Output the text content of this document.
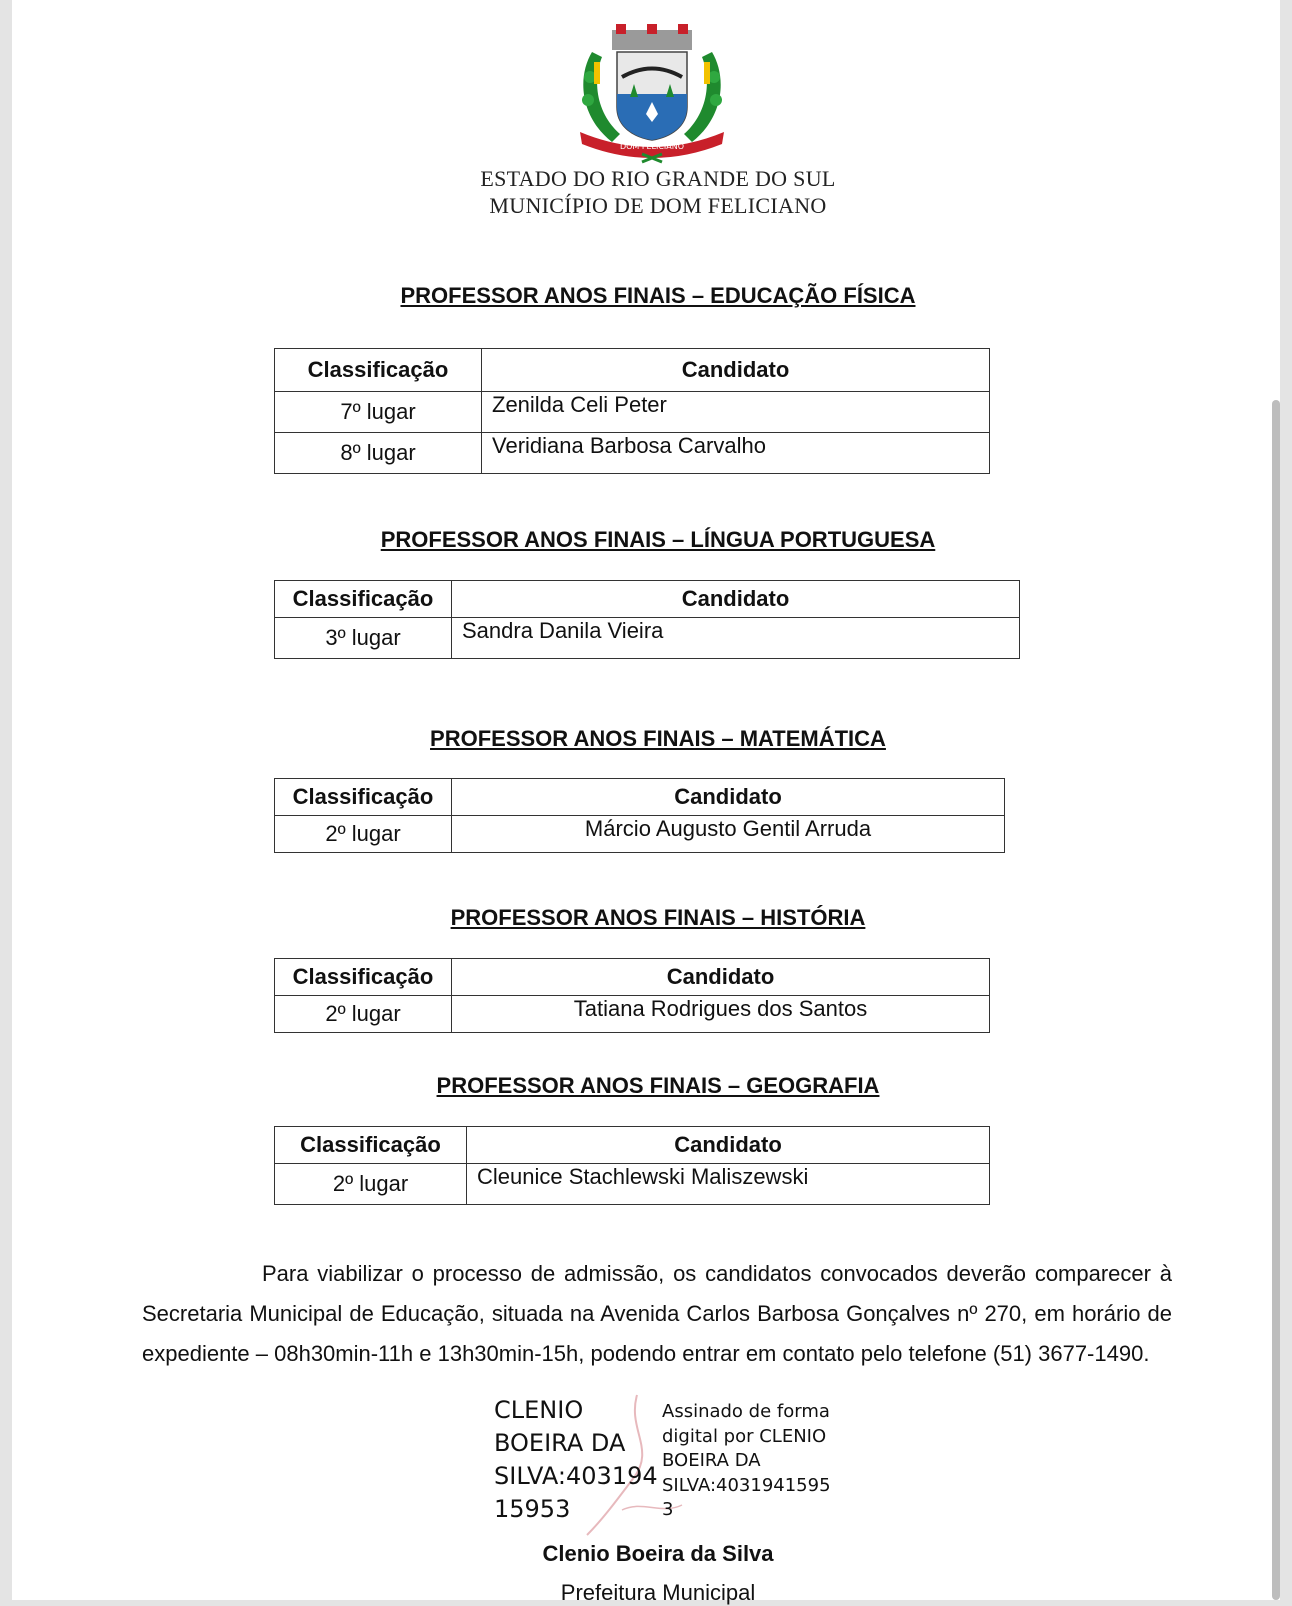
DOM FELICIANO
ESTADO DO RIO GRANDE DO SUL
MUNICÍPIO DE DOM FELICIANO
PROFESSOR ANOS FINAIS – EDUCAÇÃO FÍSICA
Classificação	Candidato
7º lugar	Zenilda Celi Peter
8º lugar	Veridiana Barbosa Carvalho
PROFESSOR ANOS FINAIS – LÍNGUA PORTUGUESA
Classificação	Candidato
3º lugar	Sandra Danila Vieira
PROFESSOR ANOS FINAIS – MATEMÁTICA
Classificação	Candidato
2º lugar	Márcio Augusto Gentil Arruda
PROFESSOR ANOS FINAIS – HISTÓRIA
Classificação	Candidato
2º lugar	Tatiana Rodrigues dos Santos
PROFESSOR ANOS FINAIS – GEOGRAFIA
Classificação	Candidato
2º lugar	Cleunice Stachlewski Maliszewski
Para viabilizar o processo de admissão, os candidatos convocados deverão comparecer à Secretaria Municipal de Educação, situada na Avenida Carlos Barbosa Gonçalves nº 270, em horário de expediente – 08h30min-11h e 13h30min-15h, podendo entrar em contato pelo telefone (51) 3677-1490.
CLENIO
BOEIRA DA
SILVA:403194
15953
Assinado de forma
digital por CLENIO
BOEIRA DA
SILVA:4031941595
3
Clenio Boeira da Silva
Prefeitura Municipal
